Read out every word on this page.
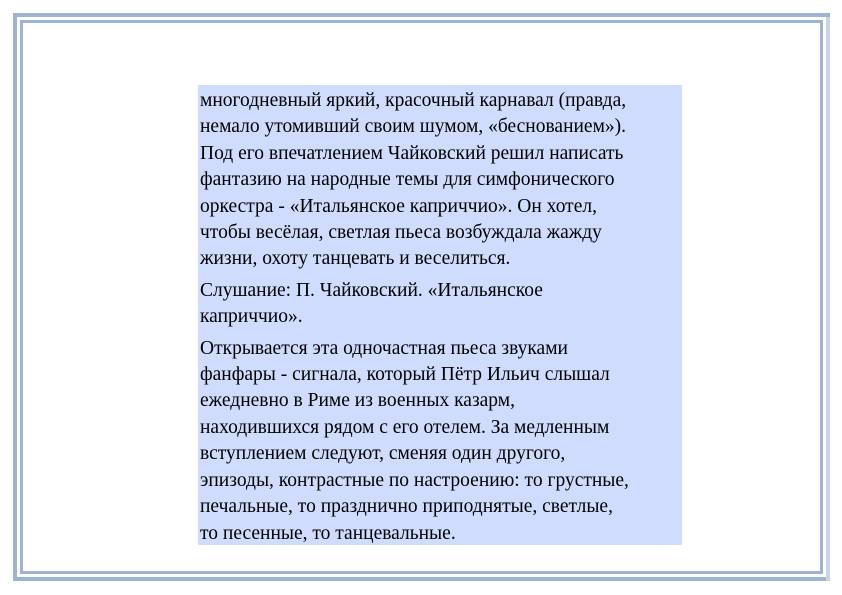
многодневный яркий, красочный карнавал (правда,
немало утомивший своим шумом, «беснованием»).
Под его впечатлением Чайковский решил написать
фантазию на народные темы для симфонического
оркестра - «Итальянское каприччио». Он хотел,
чтобы весёлая, светлая пьеса возбуждала жажду
жизни, охоту танцевать и веселиться.

Слушание: П. Чайковский. «Итальянское
каприччио».

Открывается эта одночастная пьеса звуками
фанфары - сигнала, который Пётр Ильич слышал
ежедневно в Риме из военных казарм,
находившихся рядом с его отелем. За медленным
вступлением следуют, сменяя один другого,
эпизоды, контрастные по настроению: то грустные,
печальные, то празднично приподнятые, светлые,
то песенные, то танцевальные.
